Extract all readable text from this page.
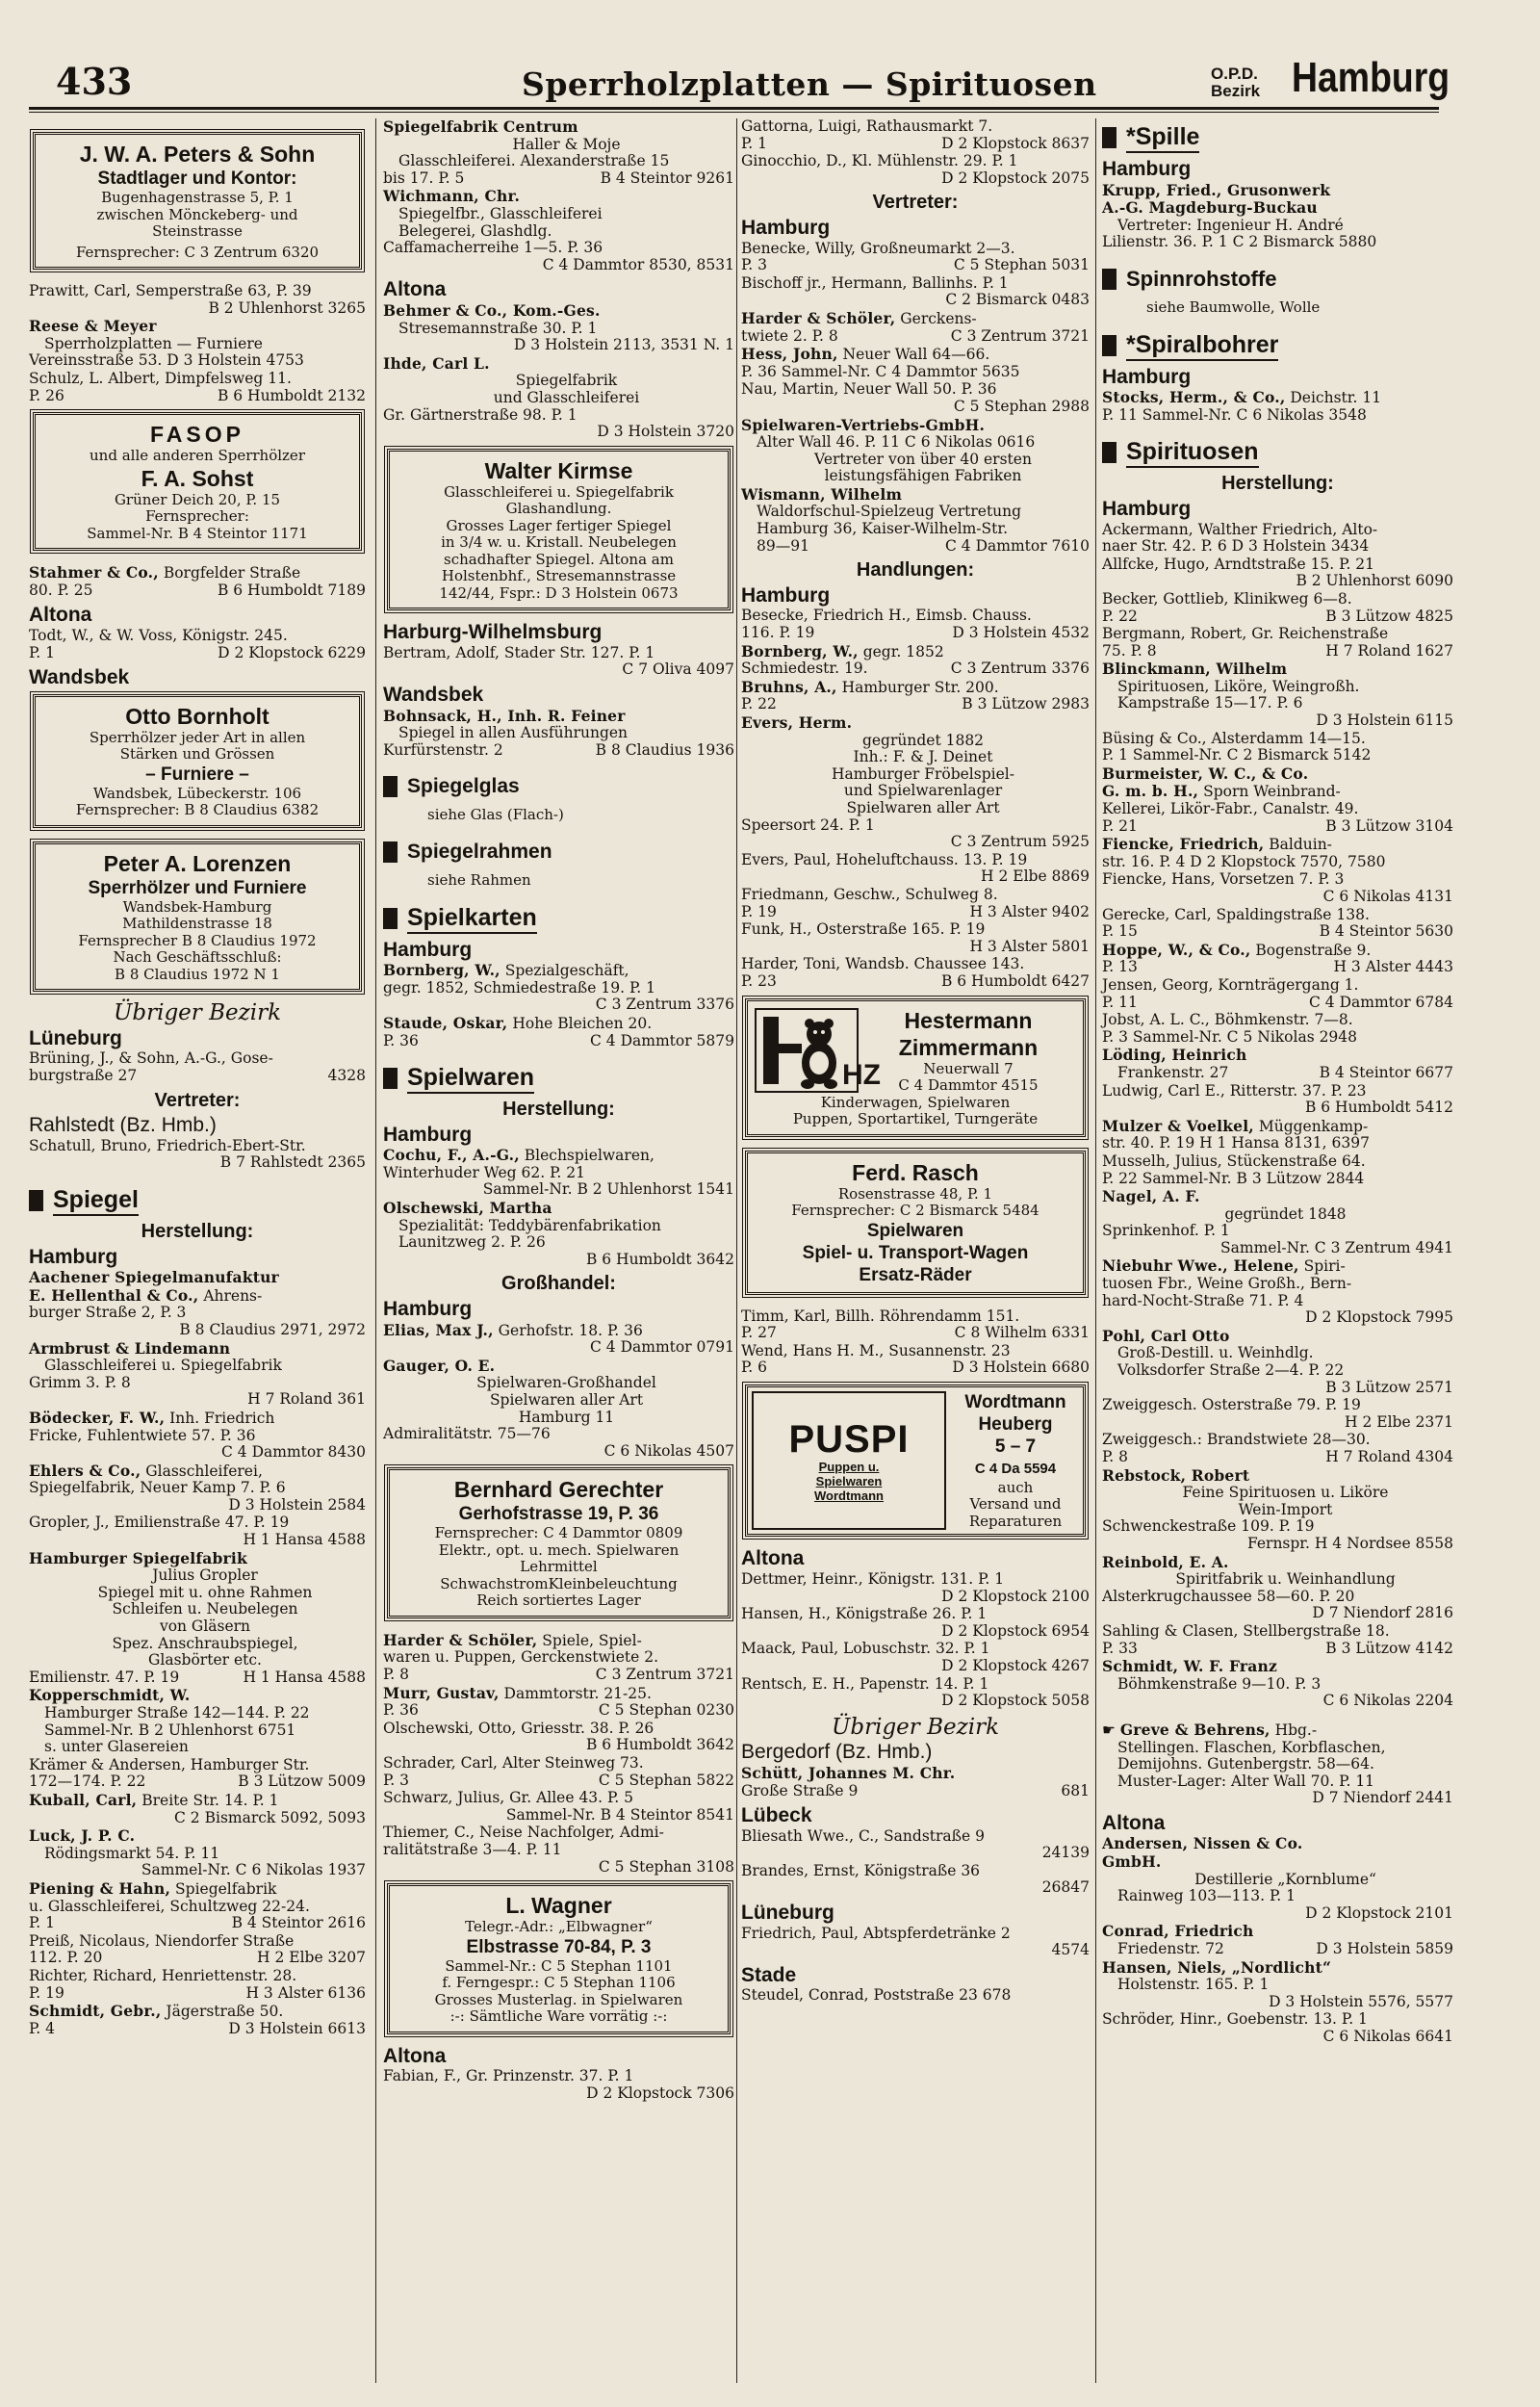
433	Sperrholzplatten — Spirituosen	O.P.D.
Bezirk Hamburg
J. W. A. Peters & Sohn
Stadtlager und Kontor:
Bugenhagenstrasse 5, P. 1
zwischen Mönckeberg- und
Steinstrasse
Fernsprecher: C 3 Zentrum 6320
Prawitt, Carl, Semperstraße 63, P. 39
B 2 Uhlenhorst 3265
Reese & Meyer
Sperrholzplatten — Furniere
Vereinsstraße 53. D 3 Holstein 4753
Schulz, L. Albert, Dimpfelsweg 11.
P. 26	B 6 Humboldt 2132
FASOP
und alle anderen Sperrhölzer
F. A. Sohst
Grüner Deich 20, P. 15
Fernsprecher:
Sammel-Nr. B 4 Steintor 1171
Stahmer & Co., Borgfelder Straße
80. P. 25	B 6 Humboldt 7189
Altona
Todt, W., & W. Voss, Königstr. 245.
P. 1	D 2 Klopstock 6229
Wandsbek
Otto Bornholt
Sperrhölzer jeder Art in allen
Stärken und Grössen
– Furniere –
Wandsbek, Lübeckerstr. 106
Fernsprecher: B 8 Claudius 6382
Peter A. Lorenzen
Sperrhölzer und Furniere
Wandsbek-Hamburg
Mathildenstrasse 18
Fernsprecher B 8 Claudius 1972
Nach Geschäftsschluß:
B 8 Claudius 1972 N 1
Übriger Bezirk
Lüneburg
Brüning, J., & Sohn, A.-G., Gose-
burgstraße 27	4328
Vertreter:
Rahlstedt (Bz. Hmb.)
Schatull, Bruno, Friedrich-Ebert-Str.
B 7 Rahlstedt 2365
Spiegel
Herstellung:
Hamburg
Aachener Spiegelmanufaktur
E. Hellenthal & Co., Ahrens-
burger Straße 2, P. 3
B 8 Claudius 2971, 2972
Armbrust & Lindemann
Glasschleiferei u. Spiegelfabrik
Grimm 3. P. 8
H 7 Roland 361
Bödecker, F. W., Inh. Friedrich
Fricke, Fuhlentwiete 57. P. 36
C 4 Dammtor 8430
Ehlers & Co., Glasschleiferei,
Spiegelfabrik, Neuer Kamp 7. P. 6
D 3 Holstein 2584
Gropler, J., Emilienstraße 47. P. 19
H 1 Hansa 4588
Hamburger Spiegelfabrik
Julius Gropler
Spiegel mit u. ohne Rahmen
Schleifen u. Neubelegen
von Gläsern
Spez. Anschraubspiegel,
Glasbörter etc.
Emilienstr. 47. P. 19	H 1 Hansa 4588
Kopperschmidt, W.
Hamburger Straße 142—144. P. 22
Sammel-Nr. B 2 Uhlenhorst 6751
s. unter Glasereien
Krämer & Andersen, Hamburger Str.
172—174. P. 22	B 3 Lützow 5009
Kuball, Carl, Breite Str. 14. P. 1
C 2 Bismarck 5092, 5093
Luck, J. P. C.
Rödingsmarkt 54. P. 11
Sammel-Nr. C 6 Nikolas 1937
Piening & Hahn, Spiegelfabrik
u. Glasschleiferei, Schultzweg 22-24.
P. 1	B 4 Steintor 2616
Preiß, Nicolaus, Niendorfer Straße
112. P. 20	H 2 Elbe 3207
Richter, Richard, Henriettenstr. 28.
P. 19	H 3 Alster 6136
Schmidt, Gebr., Jägerstraße 50.
P. 4	D 3 Holstein 6613
Spiegelfabrik Centrum
Haller & Moje
Glasschleiferei. Alexanderstraße 15
bis 17. P. 5	B 4 Steintor 9261
Wichmann, Chr.
Spiegelfbr., Glasschleiferei
Belegerei, Glashdlg.
Caffamacherreihe 1—5. P. 36
C 4 Dammtor 8530, 8531
Altona
Behmer & Co., Kom.-Ges.
Stresemannstraße 30. P. 1
D 3 Holstein 2113, 3531 N. 1
Ihde, Carl L.
Spiegelfabrik
und Glasschleiferei
Gr. Gärtnerstraße 98. P. 1
D 3 Holstein 3720
Walter Kirmse
Glasschleiferei u. Spiegelfabrik
Glashandlung.
Grosses Lager fertiger Spiegel
in 3/4 w. u. Kristall. Neubelegen
schadhafter Spiegel. Altona am
Holstenbhf., Stresemannstrasse
142/44, Fspr.: D 3 Holstein 0673
Harburg-Wilhelmsburg
Bertram, Adolf, Stader Str. 127. P. 1
C 7 Oliva 4097
Wandsbek
Bohnsack, H., Inh. R. Feiner
Spiegel in allen Ausführungen
Kurfürstenstr. 2	B 8 Claudius 1936
Spiegelglas
siehe Glas (Flach-)
Spiegelrahmen
siehe Rahmen
Spielkarten
Hamburg
Bornberg, W., Spezialgeschäft,
gegr. 1852, Schmiedestraße 19. P. 1
C 3 Zentrum 3376
Staude, Oskar, Hohe Bleichen 20.
P. 36	C 4 Dammtor 5879
Spielwaren
Herstellung:
Hamburg
Cochu, F., A.-G., Blechspielwaren,
Winterhuder Weg 62. P. 21
Sammel-Nr. B 2 Uhlenhorst 1541
Olschewski, Martha
Spezialität: Teddybärenfabrikation
Launitzweg 2. P. 26
B 6 Humboldt 3642
Großhandel:
Hamburg
Elias, Max J., Gerhofstr. 18. P. 36
C 4 Dammtor 0791
Gauger, O. E.
Spielwaren-Großhandel
Spielwaren aller Art
Hamburg 11
Admiralitätstr. 75—76
C 6 Nikolas 4507
Bernhard Gerechter
Gerhofstrasse 19, P. 36
Fernsprecher: C 4 Dammtor 0809
Elektr., opt. u. mech. Spielwaren
Lehrmittel
SchwachstromKleinbeleuchtung
Reich sortiertes Lager
Harder & Schöler, Spiele, Spiel-
waren u. Puppen, Gerckenstwiete 2.
P. 8	C 3 Zentrum 3721
Murr, Gustav, Dammtorstr. 21-25.
P. 36	C 5 Stephan 0230
Olschewski, Otto, Griesstr. 38. P. 26
B 6 Humboldt 3642
Schrader, Carl, Alter Steinweg 73.
P. 3	C 5 Stephan 5822
Schwarz, Julius, Gr. Allee 43. P. 5
Sammel-Nr. B 4 Steintor 8541
Thiemer, C., Neise Nachfolger, Admi-
ralitätstraße 3—4. P. 11
C 5 Stephan 3108
L. Wagner
Telegr.-Adr.: „Elbwagner“
Elbstrasse 70-84, P. 3
Sammel-Nr.: C 5 Stephan 1101
f. Ferngespr.: C 5 Stephan 1106
Grosses Musterlag. in Spielwaren
:-: Sämtliche Ware vorrätig :-:
Altona
Fabian, F., Gr. Prinzenstr. 37. P. 1
D 2 Klopstock 7306
Gattorna, Luigi, Rathausmarkt 7.
P. 1	D 2 Klopstock 8637
Ginocchio, D., Kl. Mühlenstr. 29. P. 1
D 2 Klopstock 2075
Vertreter:
Hamburg
Benecke, Willy, Großneumarkt 2—3.
P. 3	C 5 Stephan 5031
Bischoff jr., Hermann, Ballinhs. P. 1
C 2 Bismarck 0483
Harder & Schöler, Gerckens-
twiete 2. P. 8	C 3 Zentrum 3721
Hess, John, Neuer Wall 64—66.
P. 36 Sammel-Nr. C 4 Dammtor 5635
Nau, Martin, Neuer Wall 50. P. 36
C 5 Stephan 2988
Spielwaren-Vertriebs-GmbH.
Alter Wall 46. P. 11 C 6 Nikolas 0616
Vertreter von über 40 ersten
leistungsfähigen Fabriken
Wismann, Wilhelm
Waldorfschul-Spielzeug Vertretung
Hamburg 36, Kaiser-Wilhelm-Str.
89—91	C 4 Dammtor 7610
Handlungen:
Hamburg
Besecke, Friedrich H., Eimsb. Chauss.
116. P. 19	D 3 Holstein 4532
Bornberg, W., gegr. 1852
Schmiedestr. 19.	C 3 Zentrum 3376
Bruhns, A., Hamburger Str. 200.
P. 22	B 3 Lützow 2983
Evers, Herm.
gegründet 1882
Inh.: F. & J. Deinet
Hamburger Fröbelspiel-
und Spielwarenlager
Spielwaren aller Art
Speersort 24. P. 1
C 3 Zentrum 5925
Evers, Paul, Hoheluftchauss. 13. P. 19
H 2 Elbe 8869
Friedmann, Geschw., Schulweg 8.
P. 19	H 3 Alster 9402
Funk, H., Osterstraße 165. P. 19
H 3 Alster 5801
Harder, Toni, Wandsb. Chaussee 143.
P. 23	B 6 Humboldt 6427
HZ
Hestermann
Zimmermann
Neuerwall 7
C 4 Dammtor 4515
Kinderwagen, Spielwaren
Puppen, Sportartikel, Turngeräte
Ferd. Rasch
Rosenstrasse 48, P. 1
Fernsprecher: C 2 Bismarck 5484
Spielwaren
Spiel- u. Transport-Wagen
Ersatz-Räder
Timm, Karl, Billh. Röhrendamm 151.
P. 27	C 8 Wilhelm 6331
Wend, Hans H. M., Susannenstr. 23
P. 6	D 3 Holstein 6680
PUSPI
Puppen u.
Spielwaren
Wordtmann
Wordtmann
Heuberg
5 – 7
C 4 Da 5594
auch
Versand und
Reparaturen
Altona
Dettmer, Heinr., Königstr. 131. P. 1
D 2 Klopstock 2100
Hansen, H., Königstraße 26. P. 1
D 2 Klopstock 6954
Maack, Paul, Lobuschstr. 32. P. 1
D 2 Klopstock 4267
Rentsch, E. H., Papenstr. 14. P. 1
D 2 Klopstock 5058
Übriger Bezirk
Bergedorf (Bz. Hmb.)
Schütt, Johannes M. Chr.
Große Straße 9	681
Lübeck
Bliesath Wwe., C., Sandstraße 9
24139
Brandes, Ernst, Königstraße 36
26847
Lüneburg
Friedrich, Paul, Abtspferdetränke 2
4574
Stade
Steudel, Conrad, Poststraße 23 678
*Spille
Hamburg
Krupp, Fried., Grusonwerk
A.-G. Magdeburg-Buckau
Vertreter: Ingenieur H. André
Lilienstr. 36. P. 1 C 2 Bismarck 5880
Spinnrohstoffe
siehe Baumwolle, Wolle
*Spiralbohrer
Hamburg
Stocks, Herm., & Co., Deichstr. 11
P. 11 Sammel-Nr. C 6 Nikolas 3548
Spirituosen
Herstellung:
Hamburg
Ackermann, Walther Friedrich, Alto-
naer Str. 42. P. 6 D 3 Holstein 3434
Allfcke, Hugo, Arndtstraße 15. P. 21
B 2 Uhlenhorst 6090
Becker, Gottlieb, Klinikweg 6—8.
P. 22	B 3 Lützow 4825
Bergmann, Robert, Gr. Reichenstraße
75. P. 8	H 7 Roland 1627
Blinckmann, Wilhelm
Spirituosen, Liköre, Weingroßh.
Kampstraße 15—17. P. 6
D 3 Holstein 6115
Büsing & Co., Alsterdamm 14—15.
P. 1 Sammel-Nr. C 2 Bismarck 5142
Burmeister, W. C., & Co.
G. m. b. H., Sporn Weinbrand-
Kellerei, Likör-Fabr., Canalstr. 49.
P. 21	B 3 Lützow 3104
Fiencke, Friedrich, Balduin-
str. 16. P. 4 D 2 Klopstock 7570, 7580
Fiencke, Hans, Vorsetzen 7. P. 3
C 6 Nikolas 4131
Gerecke, Carl, Spaldingstraße 138.
P. 15	B 4 Steintor 5630
Hoppe, W., & Co., Bogenstraße 9.
P. 13	H 3 Alster 4443
Jensen, Georg, Kornträgergang 1.
P. 11	C 4 Dammtor 6784
Jobst, A. L. C., Böhmkenstr. 7—8.
P. 3 Sammel-Nr. C 5 Nikolas 2948
Löding, Heinrich
Frankenstr. 27	B 4 Steintor 6677
Ludwig, Carl E., Ritterstr. 37. P. 23
B 6 Humboldt 5412
Mulzer & Voelkel, Müggenkamp-
str. 40. P. 19 H 1 Hansa 8131, 6397
Musselh, Julius, Stückenstraße 64.
P. 22 Sammel-Nr. B 3 Lützow 2844
Nagel, A. F.
gegründet 1848
Sprinkenhof. P. 1
Sammel-Nr. C 3 Zentrum 4941
Niebuhr Wwe., Helene, Spiri-
tuosen Fbr., Weine Großh., Bern-
hard-Nocht-Straße 71. P. 4
D 2 Klopstock 7995
Pohl, Carl Otto
Groß-Destill. u. Weinhdlg.
Volksdorfer Straße 2—4. P. 22
B 3 Lützow 2571
Zweiggesch. Osterstraße 79. P. 19
H 2 Elbe 2371
Zweiggesch.: Brandstwiete 28—30.
P. 8	H 7 Roland 4304
Rebstock, Robert
Feine Spirituosen u. Liköre
Wein-Import
Schwenckestraße 109. P. 19
Fernspr. H 4 Nordsee 8558
Reinbold, E. A.
Spiritfabrik u. Weinhandlung
Alsterkrugchaussee 58—60. P. 20
D 7 Niendorf 2816
Sahling & Clasen, Stellbergstraße 18.
P. 33	B 3 Lützow 4142
Schmidt, W. F. Franz
Böhmkenstraße 9—10. P. 3
C 6 Nikolas 2204
☛ Greve & Behrens, Hbg.-
Stellingen. Flaschen, Korbflaschen,
Demijohns. Gutenbergstr. 58—64.
Muster-Lager: Alter Wall 70. P. 11
D 7 Niendorf 2441
Altona
Andersen, Nissen & Co.
GmbH.
Destillerie „Kornblume“
Rainweg 103—113. P. 1
D 2 Klopstock 2101
Conrad, Friedrich
Friedenstr. 72	D 3 Holstein 5859
Hansen, Niels, „Nordlicht“
Holstenstr. 165. P. 1
D 3 Holstein 5576, 5577
Schröder, Hinr., Goebenstr. 13. P. 1
C 6 Nikolas 6641
